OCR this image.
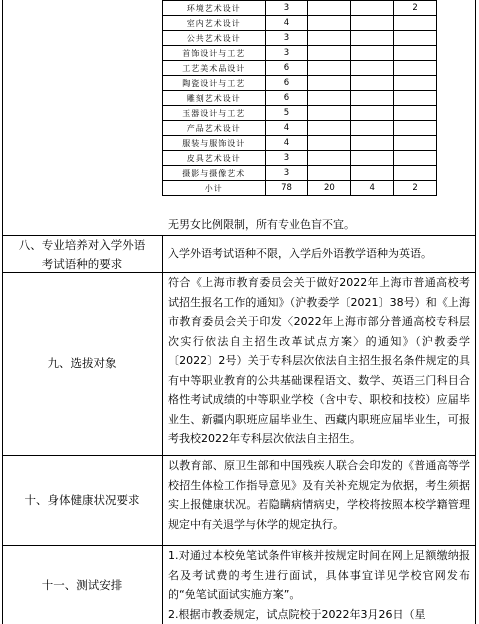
环境艺术设计	3			2
室内艺术设计	4			
公共艺术设计	3			
首饰设计与工艺	3			
工艺美术品设计	6			
陶瓷设计与工艺	6			
雕刻艺术设计	6			
玉器设计与工艺	5			
产品艺术设计	4			
服装与服饰设计	4			
皮具艺术设计	3			
摄影与摄像艺术	3			
小计	78	20	4	2
无男女比例限制，所有专业色盲不宜。
八、专业培养对入学外语
考试语种的要求
入学外语考试语种不限，入学后外语教学语种为英语。
九、选拔对象
符合《上海市教育委员会关于做好2022年上海市普通高校考试招生报名工作的通知》（沪教委学〔2021〕38号）和《上海市教育委员会关于印发〈2022年上海市部分普通高校专科层次实行依法自主招生改革试点方案〉的通知》（沪教委学〔2022〕2号）关于专科层次依法自主招生报名条件规定的具有中等职业教育的公共基础课程语文、数学、英语三门科目合格性考试成绩的中等职业学校（含中专、职校和技校）应届毕业生、新疆内职班应届毕业生、西藏内职班应届毕业生，可报考我校2022年专科层次依法自主招生。
十、身体健康状况要求
以教育部、原卫生部和中国残疾人联合会印发的《普通高等学校招生体检工作指导意见》及有关补充规定为依据，考生须据实上报健康状况。若隐瞒病情病史，学校将按照本校学籍管理规定中有关退学与休学的规定执行。
十一、测试安排
1.对通过本校免笔试条件审核并按规定时间在网上足额缴纳报名及考试费的考生进行面试，具体事宜详见学校官网发布的“免笔试面试实施方案”。
2.根据市教委规定，试点院校于2022年3月26日（星
